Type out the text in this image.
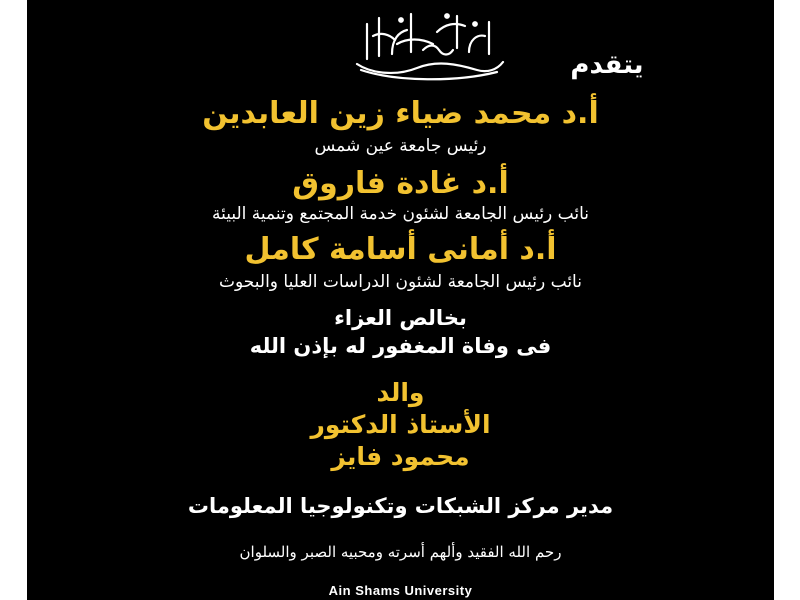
يتقدم
أ.د محمد ضياء زين العابدين
رئيس جامعة عين شمس
أ.د غادة فاروق
نائب رئيس الجامعة لشئون خدمة المجتمع وتنمية البيئة
أ.د أمانى أسامة كامل
نائب رئيس الجامعة لشئون الدراسات العليا والبحوث
بخالص العزاء
فى وفاة المغفور له بإذن الله
والد
الأستاذ الدكتور
محمود فايز
مدير مركز الشبكات وتكنولوجيا المعلومات
رحم الله الفقيد وألهم أسرته ومحبيه الصبر والسلوان
Ain Shams University
